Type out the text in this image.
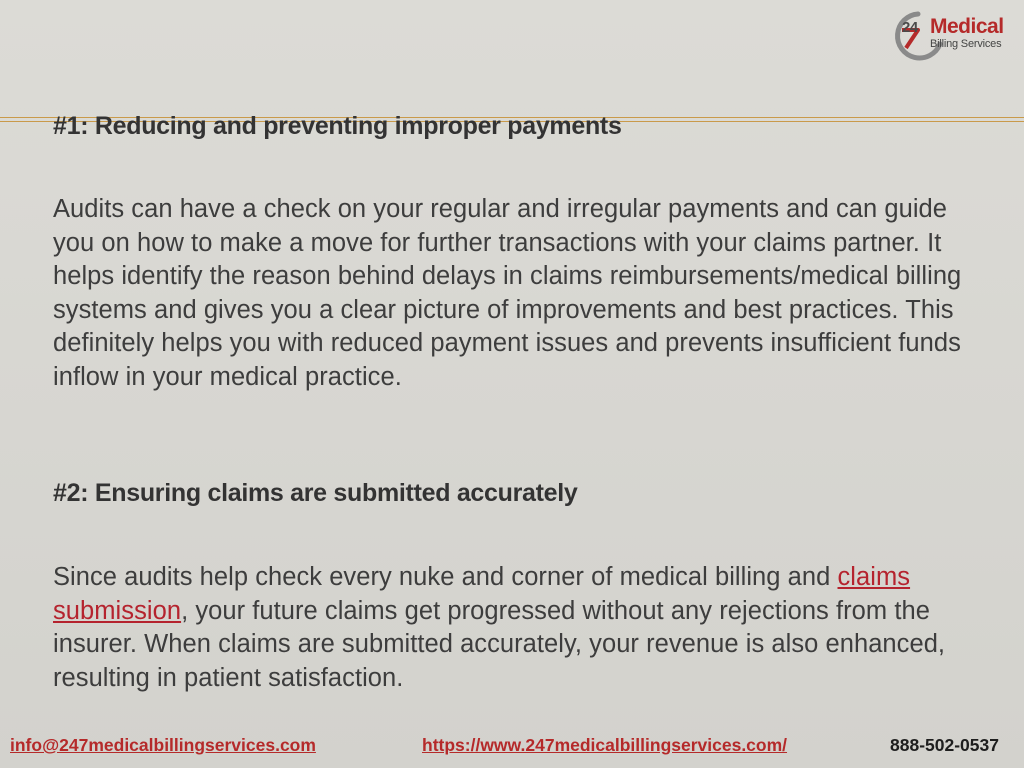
24 Medical
Billing Services
#1: Reducing and preventing improper payments

Audits can have a check on your regular and irregular payments and can guide you on how to make a move for further transactions with your claims partner. It helps identify the reason behind delays in claims reimbursements/medical billing systems and gives you a clear picture of improvements and best practices. This definitely helps you with reduced payment issues and prevents insufficient funds inflow in your medical practice.

#2: Ensuring claims are submitted accurately

Since audits help check every nuke and corner of medical billing and claims submission, your future claims get progressed without any rejections from the insurer. When claims are submitted accurately, your revenue is also enhanced, resulting in patient satisfaction.

info@247medicalbillingservices.com	https://www.247medicalbillingservices.com/	888-502-0537
